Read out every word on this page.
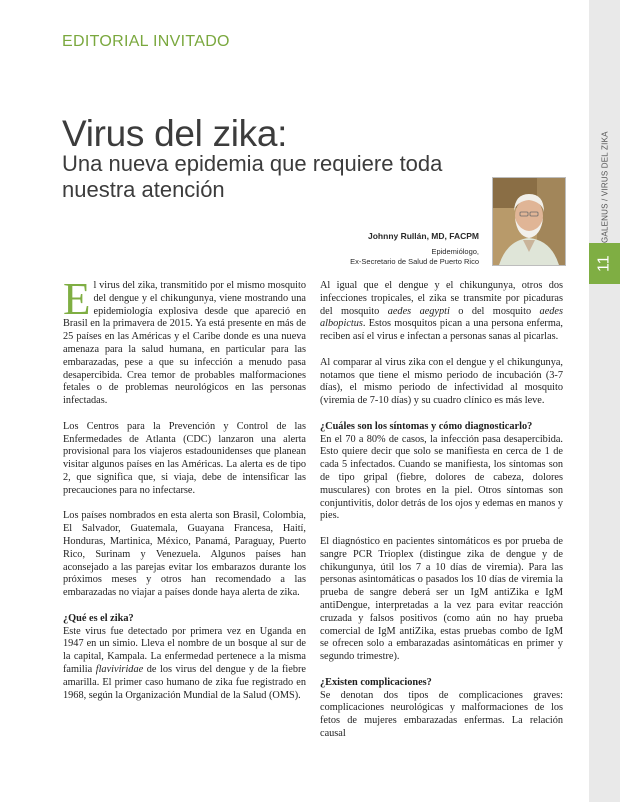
GALENUS / VIRUS DEL ZIKA
11
EDITORIAL INVITADO
Virus del zika:
Una nueva epidemia que requiere toda nuestra atención
Johnny Rullán, MD, FACPM
Epidemiólogo,
Ex-Secretario de Salud de Puerto Rico

El virus del zika, transmitido por el mismo mosquito del dengue y el chikungunya, viene mostrando una epidemiología explosiva desde que apareció en Brasil en la primavera de 2015. Ya está presente en más de 25 países en las Américas y el Caribe donde es una nueva amenaza para la salud humana, en particular para las embarazadas, pese a que su infección a menudo pasa desapercibida. Crea temor de probables malformaciones fetales o de problemas neurológicos en las personas infectadas.

Los Centros para la Prevención y Control de las Enfermedades de Atlanta (CDC) lanzaron una alerta provisional para los viajeros estadounidenses que planean visitar algunos países en las Américas. La alerta es de tipo 2, que significa que, si viaja, debe de intensificar las precauciones para no infectarse.

Los países nombrados en esta alerta son Brasil, Colombia, El Salvador, Guatemala, Guayana Francesa, Haití, Honduras, Martinica, México, Panamá, Paraguay, Puerto Rico, Surinam y Venezuela. Algunos países han aconsejado a las parejas evitar los embarazos durante los próximos meses y otros han recomendado a las embarazadas no viajar a países donde haya alerta de zika.

¿Qué es el zika?

Este virus fue detectado por primera vez en Uganda en 1947 en un simio. Lleva el nombre de un bosque al sur de la capital, Kampala. La enfermedad pertenece a la misma familia flaviviridae de los virus del dengue y de la fiebre amarilla. El primer caso humano de zika fue registrado en 1968, según la Organización Mundial de la Salud (OMS).

Al igual que el dengue y el chikungunya, otros dos infecciones tropicales, el zika se transmite por picaduras del mosquito aedes aegypti o del mosquito aedes albopictus. Estos mosquitos pican a una persona enferma, reciben así el virus e infectan a personas sanas al picarlas.

Al comparar al virus zika con el dengue y el chikungunya, notamos que tiene el mismo periodo de incubación (3-7 días), el mismo periodo de infectividad al mosquito (viremia de 7-10 días) y su cuadro clínico es más leve.

¿Cuáles son los síntomas y cómo diagnosticarlo?

En el 70 a 80% de casos, la infección pasa desapercibida. Esto quiere decir que solo se manifiesta en cerca de 1 de cada 5 infectados. Cuando se manifiesta, los síntomas son de tipo gripal (fiebre, dolores de cabeza, dolores musculares) con brotes en la piel. Otros síntomas son conjuntivitis, dolor detrás de los ojos y edemas en manos y pies.

El diagnóstico en pacientes sintomáticos es por prueba de sangre PCR Trioplex (distingue zika de dengue y de chikungunya, útil los 7 a 10 días de viremia). Para las personas asintomáticas o pasados los 10 días de viremia la prueba de sangre deberá ser un IgM antiZika e IgM antiDengue, interpretadas a la vez para evitar reacción cruzada y falsos positivos (como aún no hay prueba comercial de IgM antiZika, estas pruebas combo de IgM se ofrecen solo a embarazadas asintomáticas en primer y segundo trimestre).

¿Existen complicaciones?

Se denotan dos tipos de complicaciones graves: complicaciones neurológicas y malformaciones de los fetos de mujeres embarazadas enfermas. La relación causal
